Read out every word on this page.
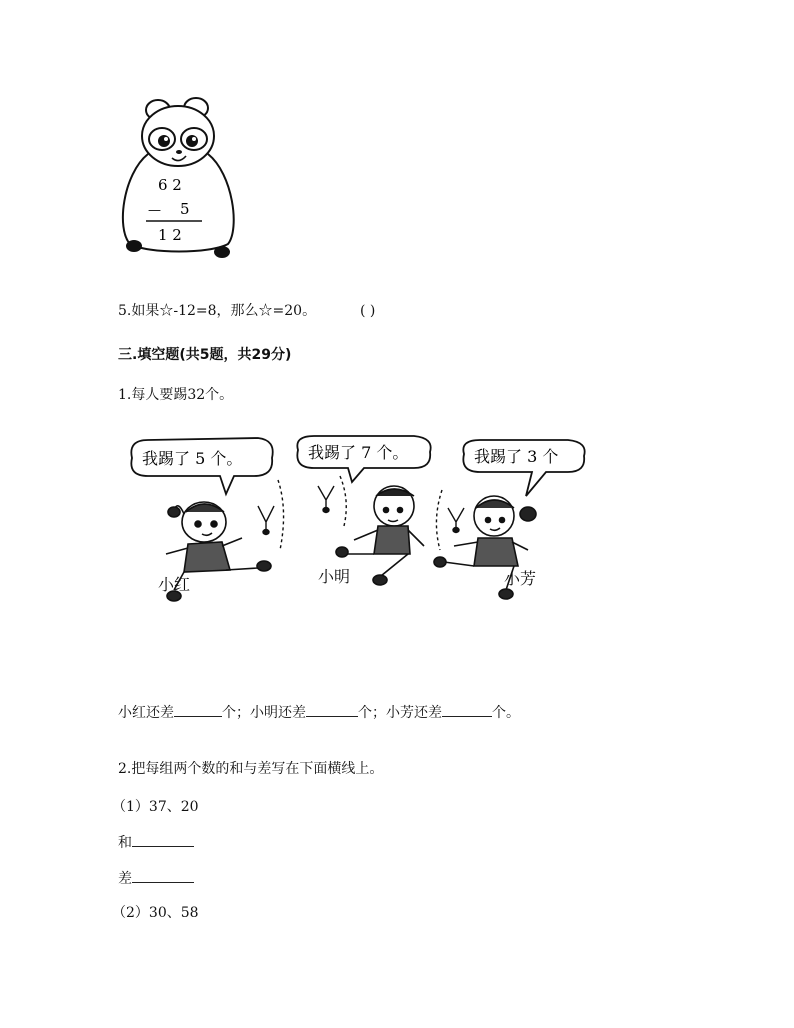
6 2
— 5
1 2
5.如果☆-12=8，那么☆=20。	( )
三.填空题(共5题，共29分)
1.每人要踢32个。
我踢了 5 个。	我踢了 7 个。	我踢了 3 个
小红	小明	小芳
小红还差	个；小明还差	个；小芳还差	个。
2.把每组两个数的和与差写在下面横线上。
（1）37、20
和
差
（2）30、58
